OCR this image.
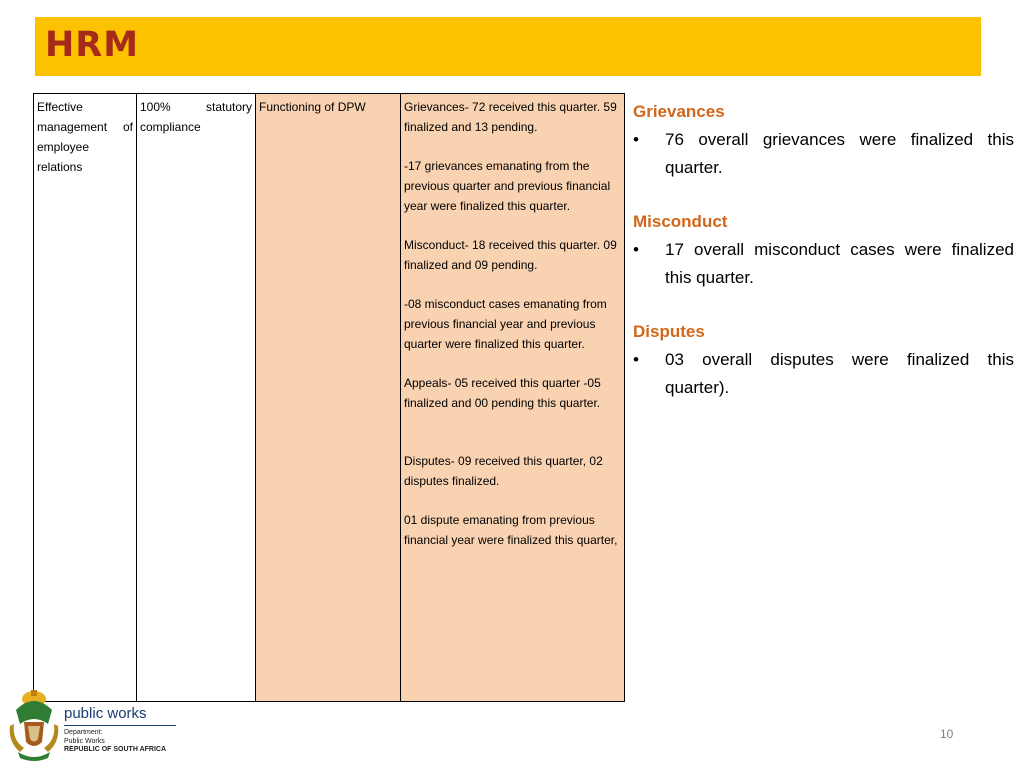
HRM
Effective management of employee relations	100% statutory compliance	Functioning of DPW	Grievances- 72 received this quarter. 59 finalized and 13 pending.

-17 grievances emanating from the previous quarter and previous financial year were finalized this quarter.

Misconduct- 18 received this quarter. 09 finalized and 09 pending.

-08 misconduct cases emanating from previous financial year and previous quarter were finalized this quarter.

Appeals- 05 received this quarter -05 finalized and 00 pending this quarter.

Disputes- 09 received this quarter, 02 disputes finalized.

01 dispute emanating from previous financial year were finalized this quarter,

Grievances
•	76 overall grievances were finalized this quarter.
Misconduct
•	17 overall misconduct cases were finalized this quarter.
Disputes
•	03 overall disputes were finalized this quarter).
public works
Department:
Public Works
REPUBLIC OF SOUTH AFRICA
10
